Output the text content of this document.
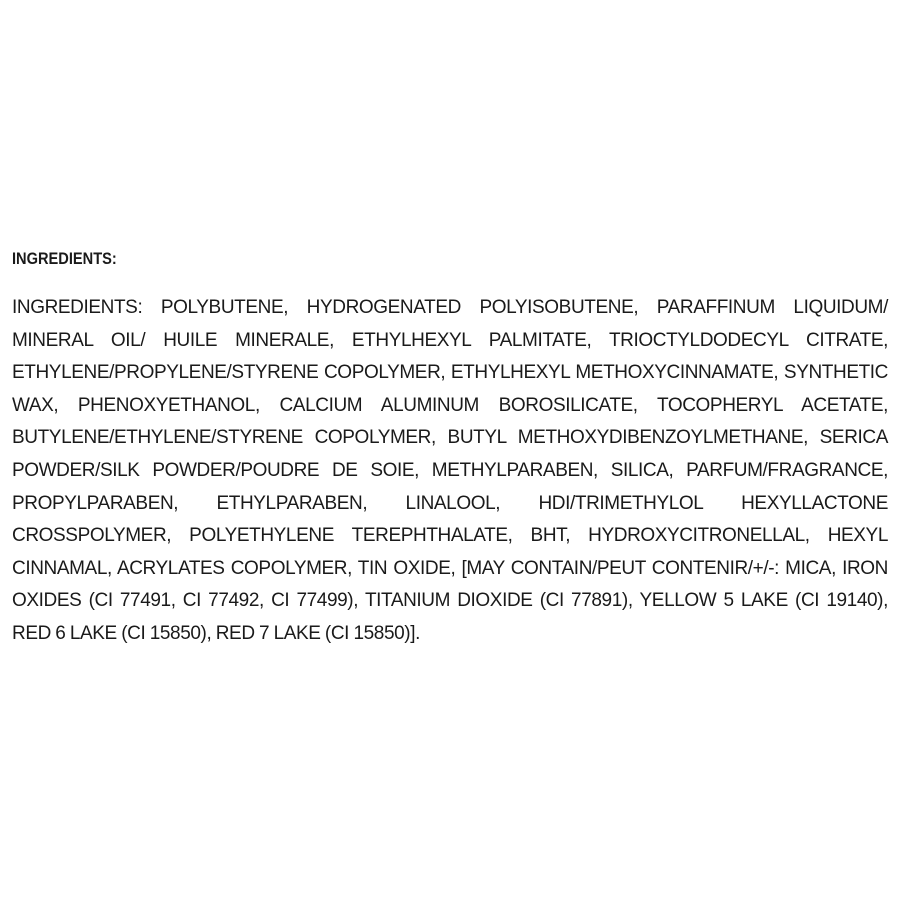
INGREDIENTS:

INGREDIENTS: POLYBUTENE, HYDROGENATED POLYISOBUTENE, PARAFFINUM LIQUIDUM/ MINERAL OIL/ HUILE MINERALE, ETHYLHEXYL PALMITATE, TRIOCTYLDODECYL CITRATE, ETHYLENE/PROPYLENE/STYRENE COPOLYMER, ETHYLHEXYL METHOXYCINNAMATE, SYNTHETIC WAX, PHENOXYETHANOL, CALCIUM ALUMINUM BOROSILICATE, TOCOPHERYL ACETATE, BUTYLENE/ETHYLENE/STYRENE COPOLYMER, BUTYL METHOXYDIBENZOYLMETHANE, SERICA POWDER/SILK POWDER/POUDRE DE SOIE, METHYLPARABEN, SILICA, PARFUM/FRAGRANCE, PROPYLPARABEN, ETHYLPARABEN, LINALOOL, HDI/TRIMETHYLOL HEXYLLACTONE CROSSPOLYMER, POLYETHYLENE TEREPHTHALATE, BHT, HYDROXYCITRONELLAL, HEXYL CINNAMAL, ACRYLATES COPOLYMER, TIN OXIDE, [MAY CONTAIN/PEUT CONTENIR/+/-: MICA, IRON OXIDES (CI 77491, CI 77492, CI 77499), TITANIUM DIOXIDE (CI 77891), YELLOW 5 LAKE (CI 19140), RED 6 LAKE (CI 15850), RED 7 LAKE (CI 15850)].
